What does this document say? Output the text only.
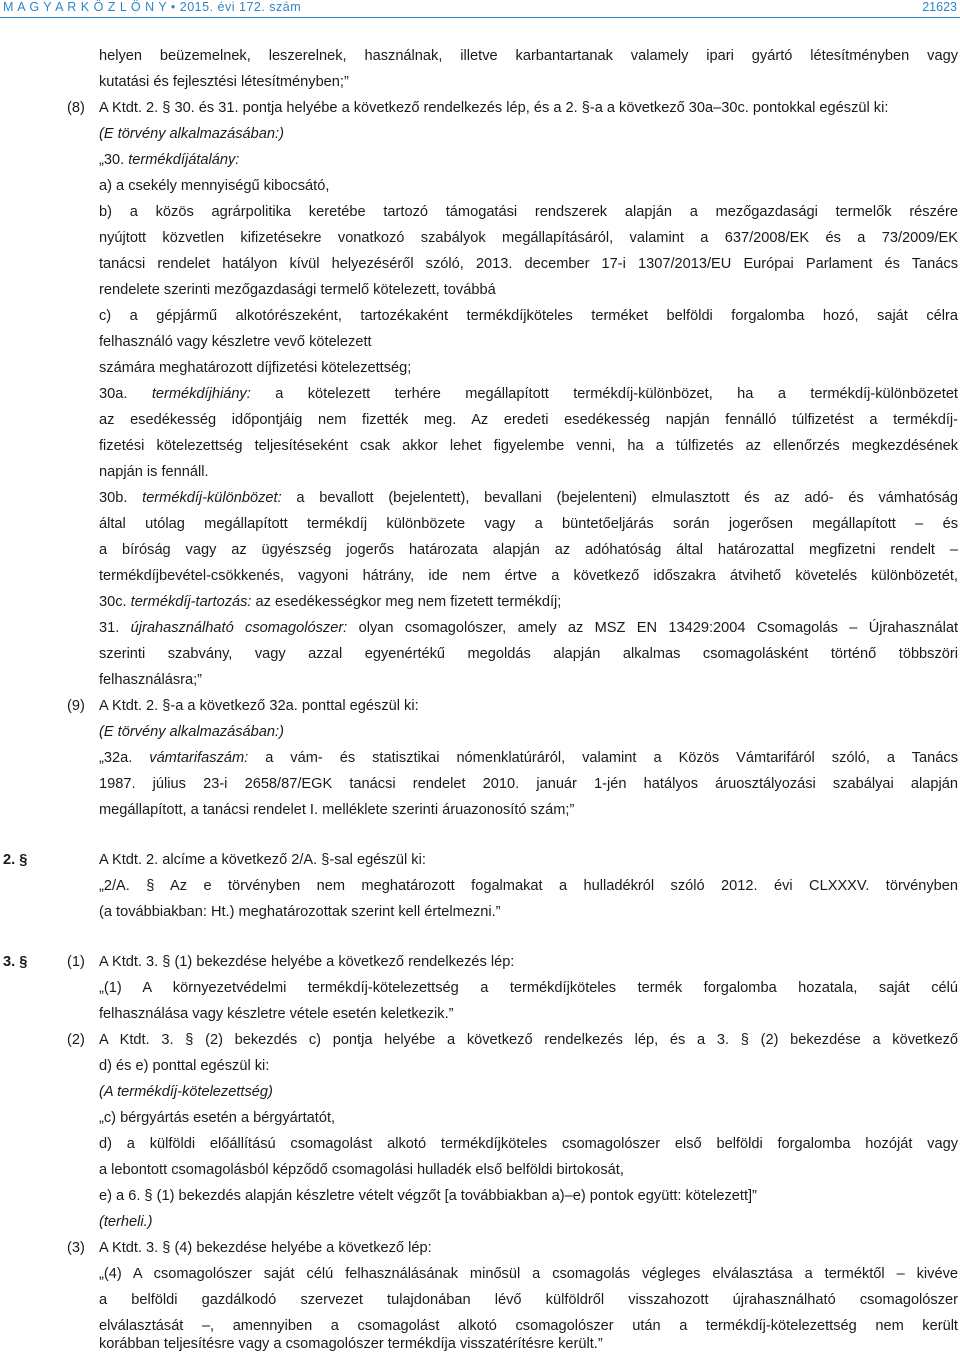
M A G Y A R K Ö Z L Ö N Y • 2015. évi 172. szám	21623
helyen beüzemelnek, leszerelnek, használnak, illetve karbantartanak valamely ipari gyártó létesítményben vagy
kutatási és fejlesztési létesítményben;”
(8) A Ktdt. 2. § 30. és 31. pontja helyébe a következő rendelkezés lép, és a 2. §-a a következő 30a–30c. pontokkal egészül ki:
(E törvény alkalmazásában:)
„30. termékdíjátalány:
a) a csekély mennyiségű kibocsátó,
b) a közös agrárpolitika keretébe tartozó támogatási rendszerek alapján a mezőgazdasági termelők részére
nyújtott közvetlen kifizetésekre vonatkozó szabályok megállapításáról, valamint a 637/2008/EK és a 73/2009/EK
tanácsi rendelet hatályon kívül helyezéséről szóló, 2013. december 17-i 1307/2013/EU Európai Parlament és Tanács
rendelete szerinti mezőgazdasági termelő kötelezett, továbbá
c) a gépjármű alkotórészeként, tartozékaként termékdíjköteles terméket belföldi forgalomba hozó, saját célra
felhasználó vagy készletre vevő kötelezett
számára meghatározott díjfizetési kötelezettség;
30a. termékdíjhiány: a kötelezett terhére megállapított termékdíj-különbözet, ha a termékdíj-különbözetet
az esedékesség időpontjáig nem fizették meg. Az eredeti esedékesség napján fennálló túlfizetést a termékdíj-
fizetési kötelezettség teljesítéseként csak akkor lehet figyelembe venni, ha a túlfizetés az ellenőrzés megkezdésének
napján is fennáll.
30b. termékdíj-különbözet: a bevallott (bejelentett), bevallani (bejelenteni) elmulasztott és az adó- és vámhatóság
által utólag megállapított termékdíj különbözete vagy a büntetőeljárás során jogerősen megállapított – és
a bíróság vagy az ügyészség jogerős határozata alapján az adóhatóság által határozattal megfizetni rendelt –
termékdíjbevétel-csökkenés, vagyoni hátrány, ide nem értve a következő időszakra átvihető követelés különbözetét,
30c. termékdíj-tartozás: az esedékességkor meg nem fizetett termékdíj;
31. újrahasználható csomagolószer: olyan csomagolószer, amely az MSZ EN 13429:2004 Csomagolás – Újrahasználat
szerinti szabvány, vagy azzal egyenértékű megoldás alapján alkalmas csomagolásként történő többszöri
felhasználásra;”
(9) A Ktdt. 2. §-a a következő 32a. ponttal egészül ki:
(E törvény alkalmazásában:)
„32a. vámtarifaszám: a vám- és statisztikai nómenklatúráról, valamint a Közös Vámtarifáról szóló, a Tanács
1987. július 23-i 2658/87/EGK tanácsi rendelet 2010. január 1-jén hatályos áruosztályozási szabályai alapján
megállapított, a tanácsi rendelet I. melléklete szerinti áruazonosító szám;”
2. §	A Ktdt. 2. alcíme a következő 2/A. §-sal egészül ki:
„2/A. § Az e törvényben nem meghatározott fogalmakat a hulladékról szóló 2012. évi CLXXXV. törvényben
(a továbbiakban: Ht.) meghatározottak szerint kell értelmezni.”
3. §	(1) A Ktdt. 3. § (1) bekezdése helyébe a következő rendelkezés lép:
„(1) A környezetvédelmi termékdíj-kötelezettség a termékdíjköteles termék forgalomba hozatala, saját célú
felhasználása vagy készletre vétele esetén keletkezik.”
(2) A Ktdt. 3. § (2) bekezdés c) pontja helyébe a következő rendelkezés lép, és a 3. § (2) bekezdése a következő
d) és e) ponttal egészül ki:
(A termékdíj-kötelezettség)
„c) bérgyártás esetén a bérgyártatót,
d) a külföldi előállítású csomagolást alkotó termékdíjköteles csomagolószer első belföldi forgalomba hozóját vagy
a lebontott csomagolásból képződő csomagolási hulladék első belföldi birtokosát,
e) a 6. § (1) bekezdés alapján készletre vételt végzőt [a továbbiakban a)–e) pontok együtt: kötelezett]”
(terheli.)
(3) A Ktdt. 3. § (4) bekezdése helyébe a következő lép:
„(4) A csomagolószer saját célú felhasználásának minősül a csomagolás végleges elválasztása a terméktől – kivéve
a belföldi gazdálkodó szervezet tulajdonában lévő külföldről visszahozott újrahasználható csomagolószer
elválasztását –, amennyiben a csomagolást alkotó csomagolószer után a termékdíj-kötelezettség nem került
korábban teljesítésre vagy a csomagolószer termékdíja visszatérítésre került.”
